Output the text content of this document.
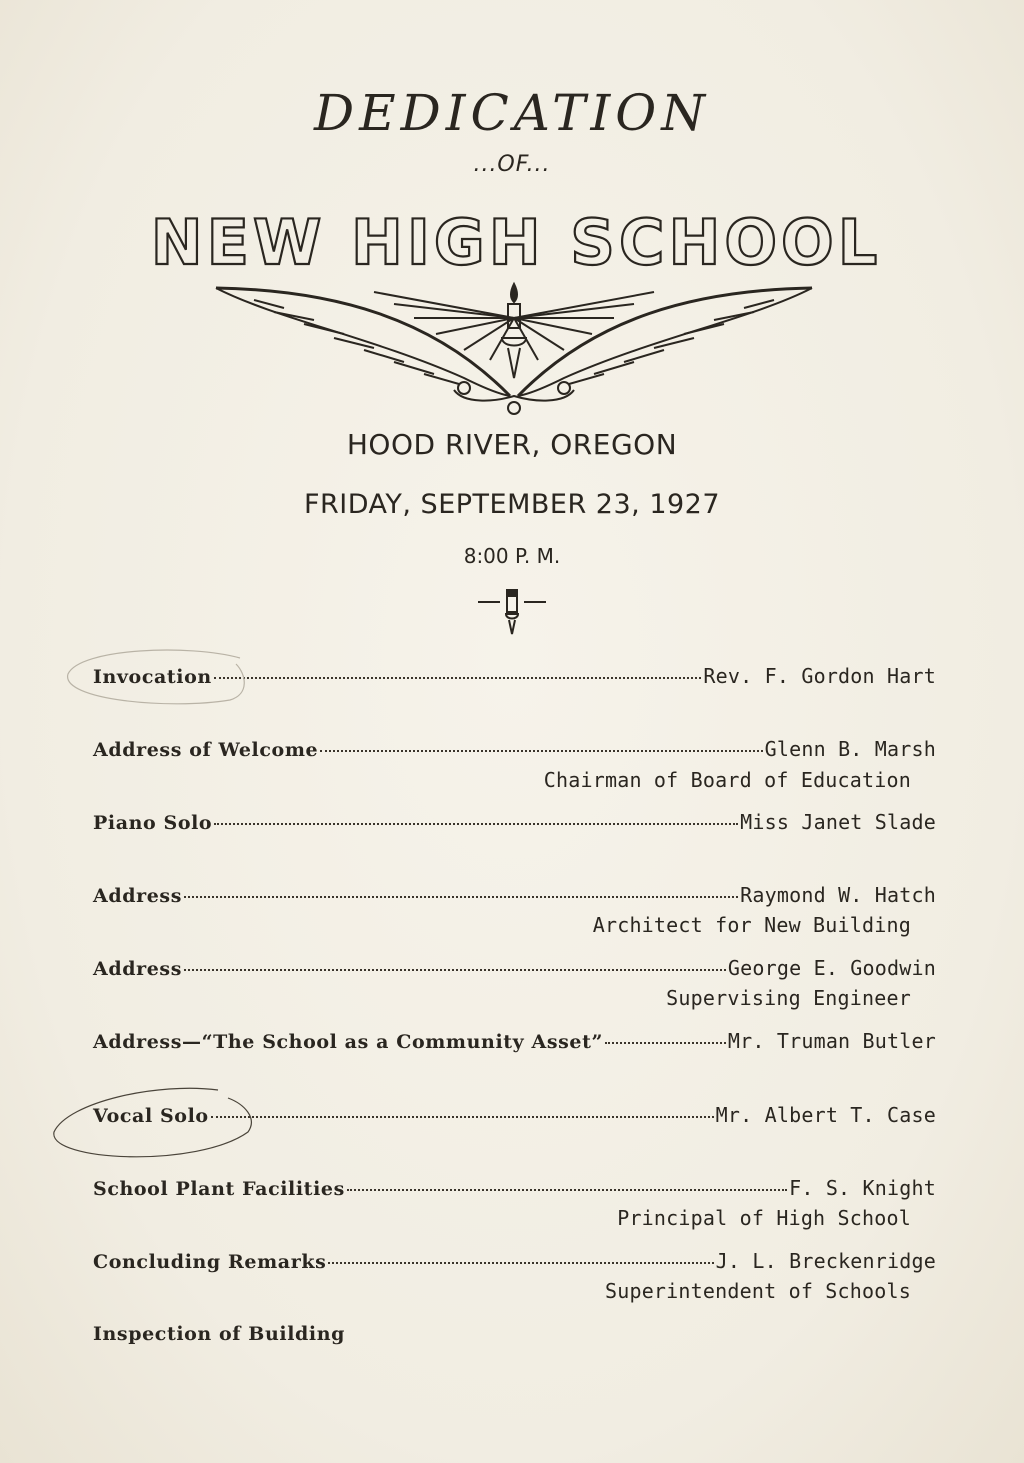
DEDICATION
...OF...
NEW HIGH SCHOOL
HOOD RIVER, OREGON
FRIDAY, SEPTEMBER 23, 1927
8:00 P. M.
Invocation	Rev. F. Gordon Hart
Address of Welcome	Glenn B. Marsh
Chairman of Board of Education
Piano Solo	Miss Janet Slade
Address	Raymond W. Hatch
Architect for New Building
Address	George E. Goodwin
Supervising Engineer
Address—“The School as a Community Asset”	Mr. Truman Butler
Vocal Solo	Mr. Albert T. Case
School Plant Facilities	F. S. Knight
Principal of High School
Concluding Remarks	J. L. Breckenridge
Superintendent of Schools
Inspection of Building
